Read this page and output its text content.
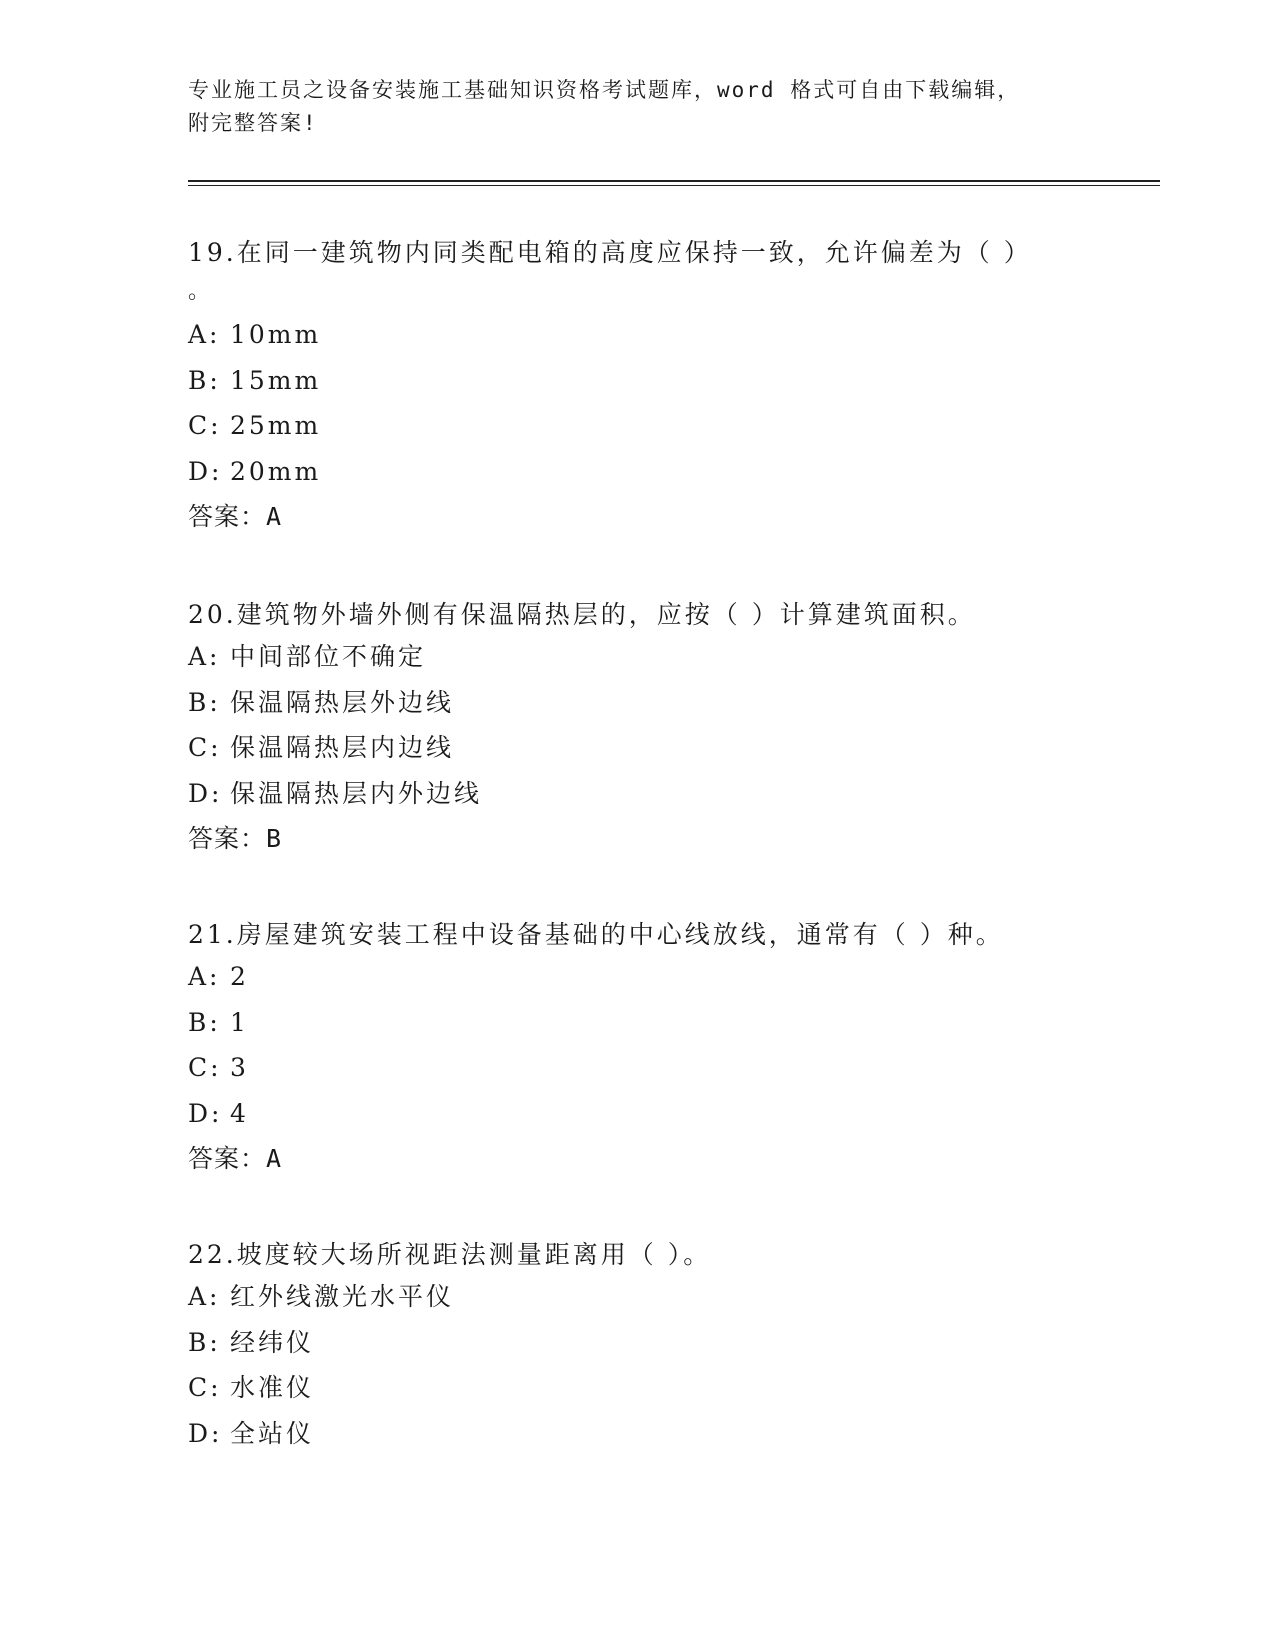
专业施工员之设备安装施工基础知识资格考试题库，word 格式可自由下载编辑，
附完整答案!
19.在同一建筑物内同类配电箱的高度应保持一致，允许偏差为（ ）
。
A: 10mm
B: 15mm
C: 25mm
D: 20mm
答案：A
20.建筑物外墙外侧有保温隔热层的，应按（ ）计算建筑面积。
A: 中间部位不确定
B: 保温隔热层外边线
C: 保温隔热层内边线
D: 保温隔热层内外边线
答案：B
21.房屋建筑安装工程中设备基础的中心线放线，通常有（ ）种。
A: 2
B: 1
C: 3
D: 4
答案：A
22.坡度较大场所视距法测量距离用（ ）。
A: 红外线激光水平仪
B: 经纬仪
C: 水准仪
D: 全站仪
